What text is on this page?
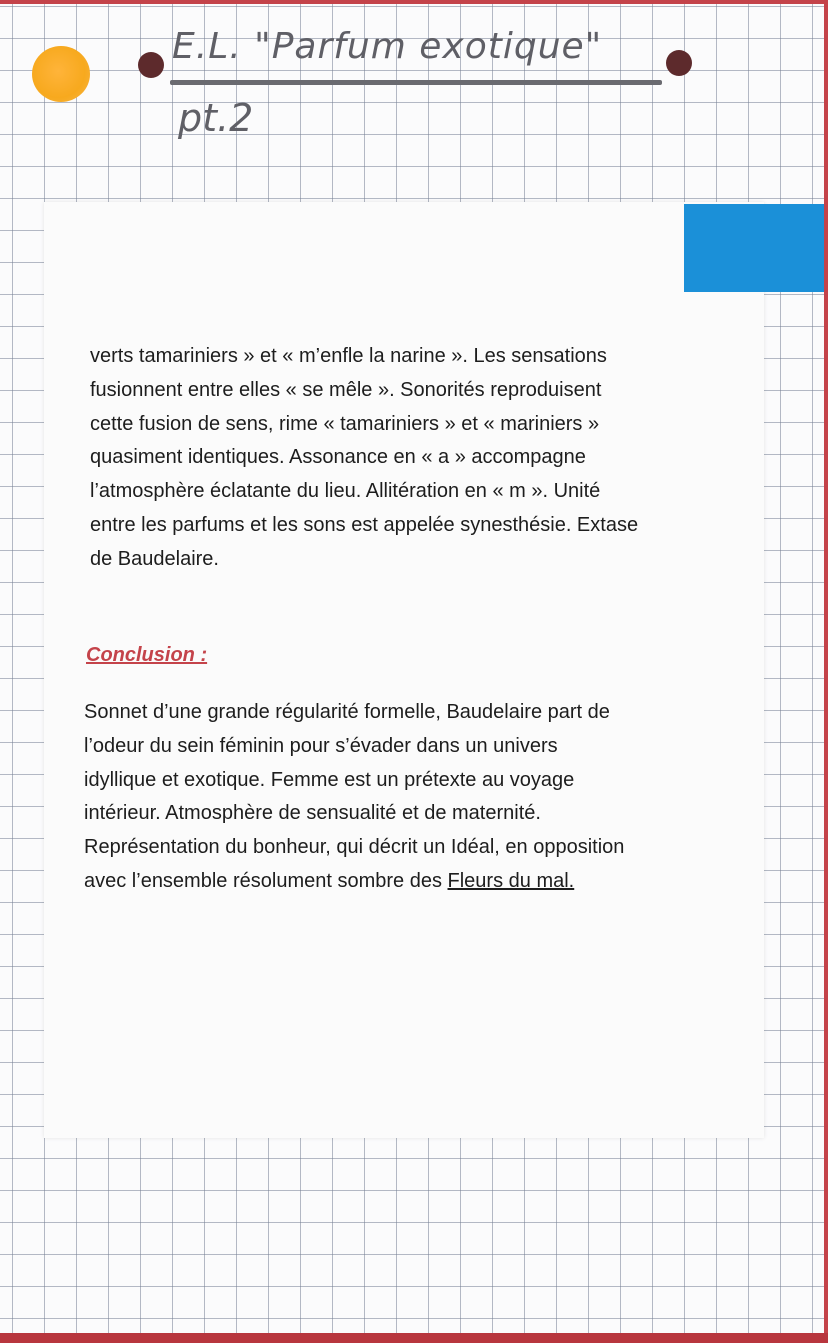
E.L. "Parfum exotique"
pt.2
verts tamariniers » et « m’enfle la narine ». Les sensations
fusionnent entre elles « se mêle ». Sonorités reproduisent
cette fusion de sens, rime « tamariniers » et « mariniers »
quasiment identiques. Assonance en « a » accompagne
l’atmosphère éclatante du lieu. Allitération en « m ». Unité
entre les parfums et les sons est appelée synesthésie. Extase
de Baudelaire.
Conclusion :
Sonnet d’une grande régularité formelle, Baudelaire part de
l’odeur du sein féminin pour s’évader dans un univers
idyllique et exotique. Femme est un prétexte au voyage
intérieur. Atmosphère de sensualité et de maternité.
Représentation du bonheur, qui décrit un Idéal, en opposition
avec l’ensemble résolument sombre des Fleurs du mal.
